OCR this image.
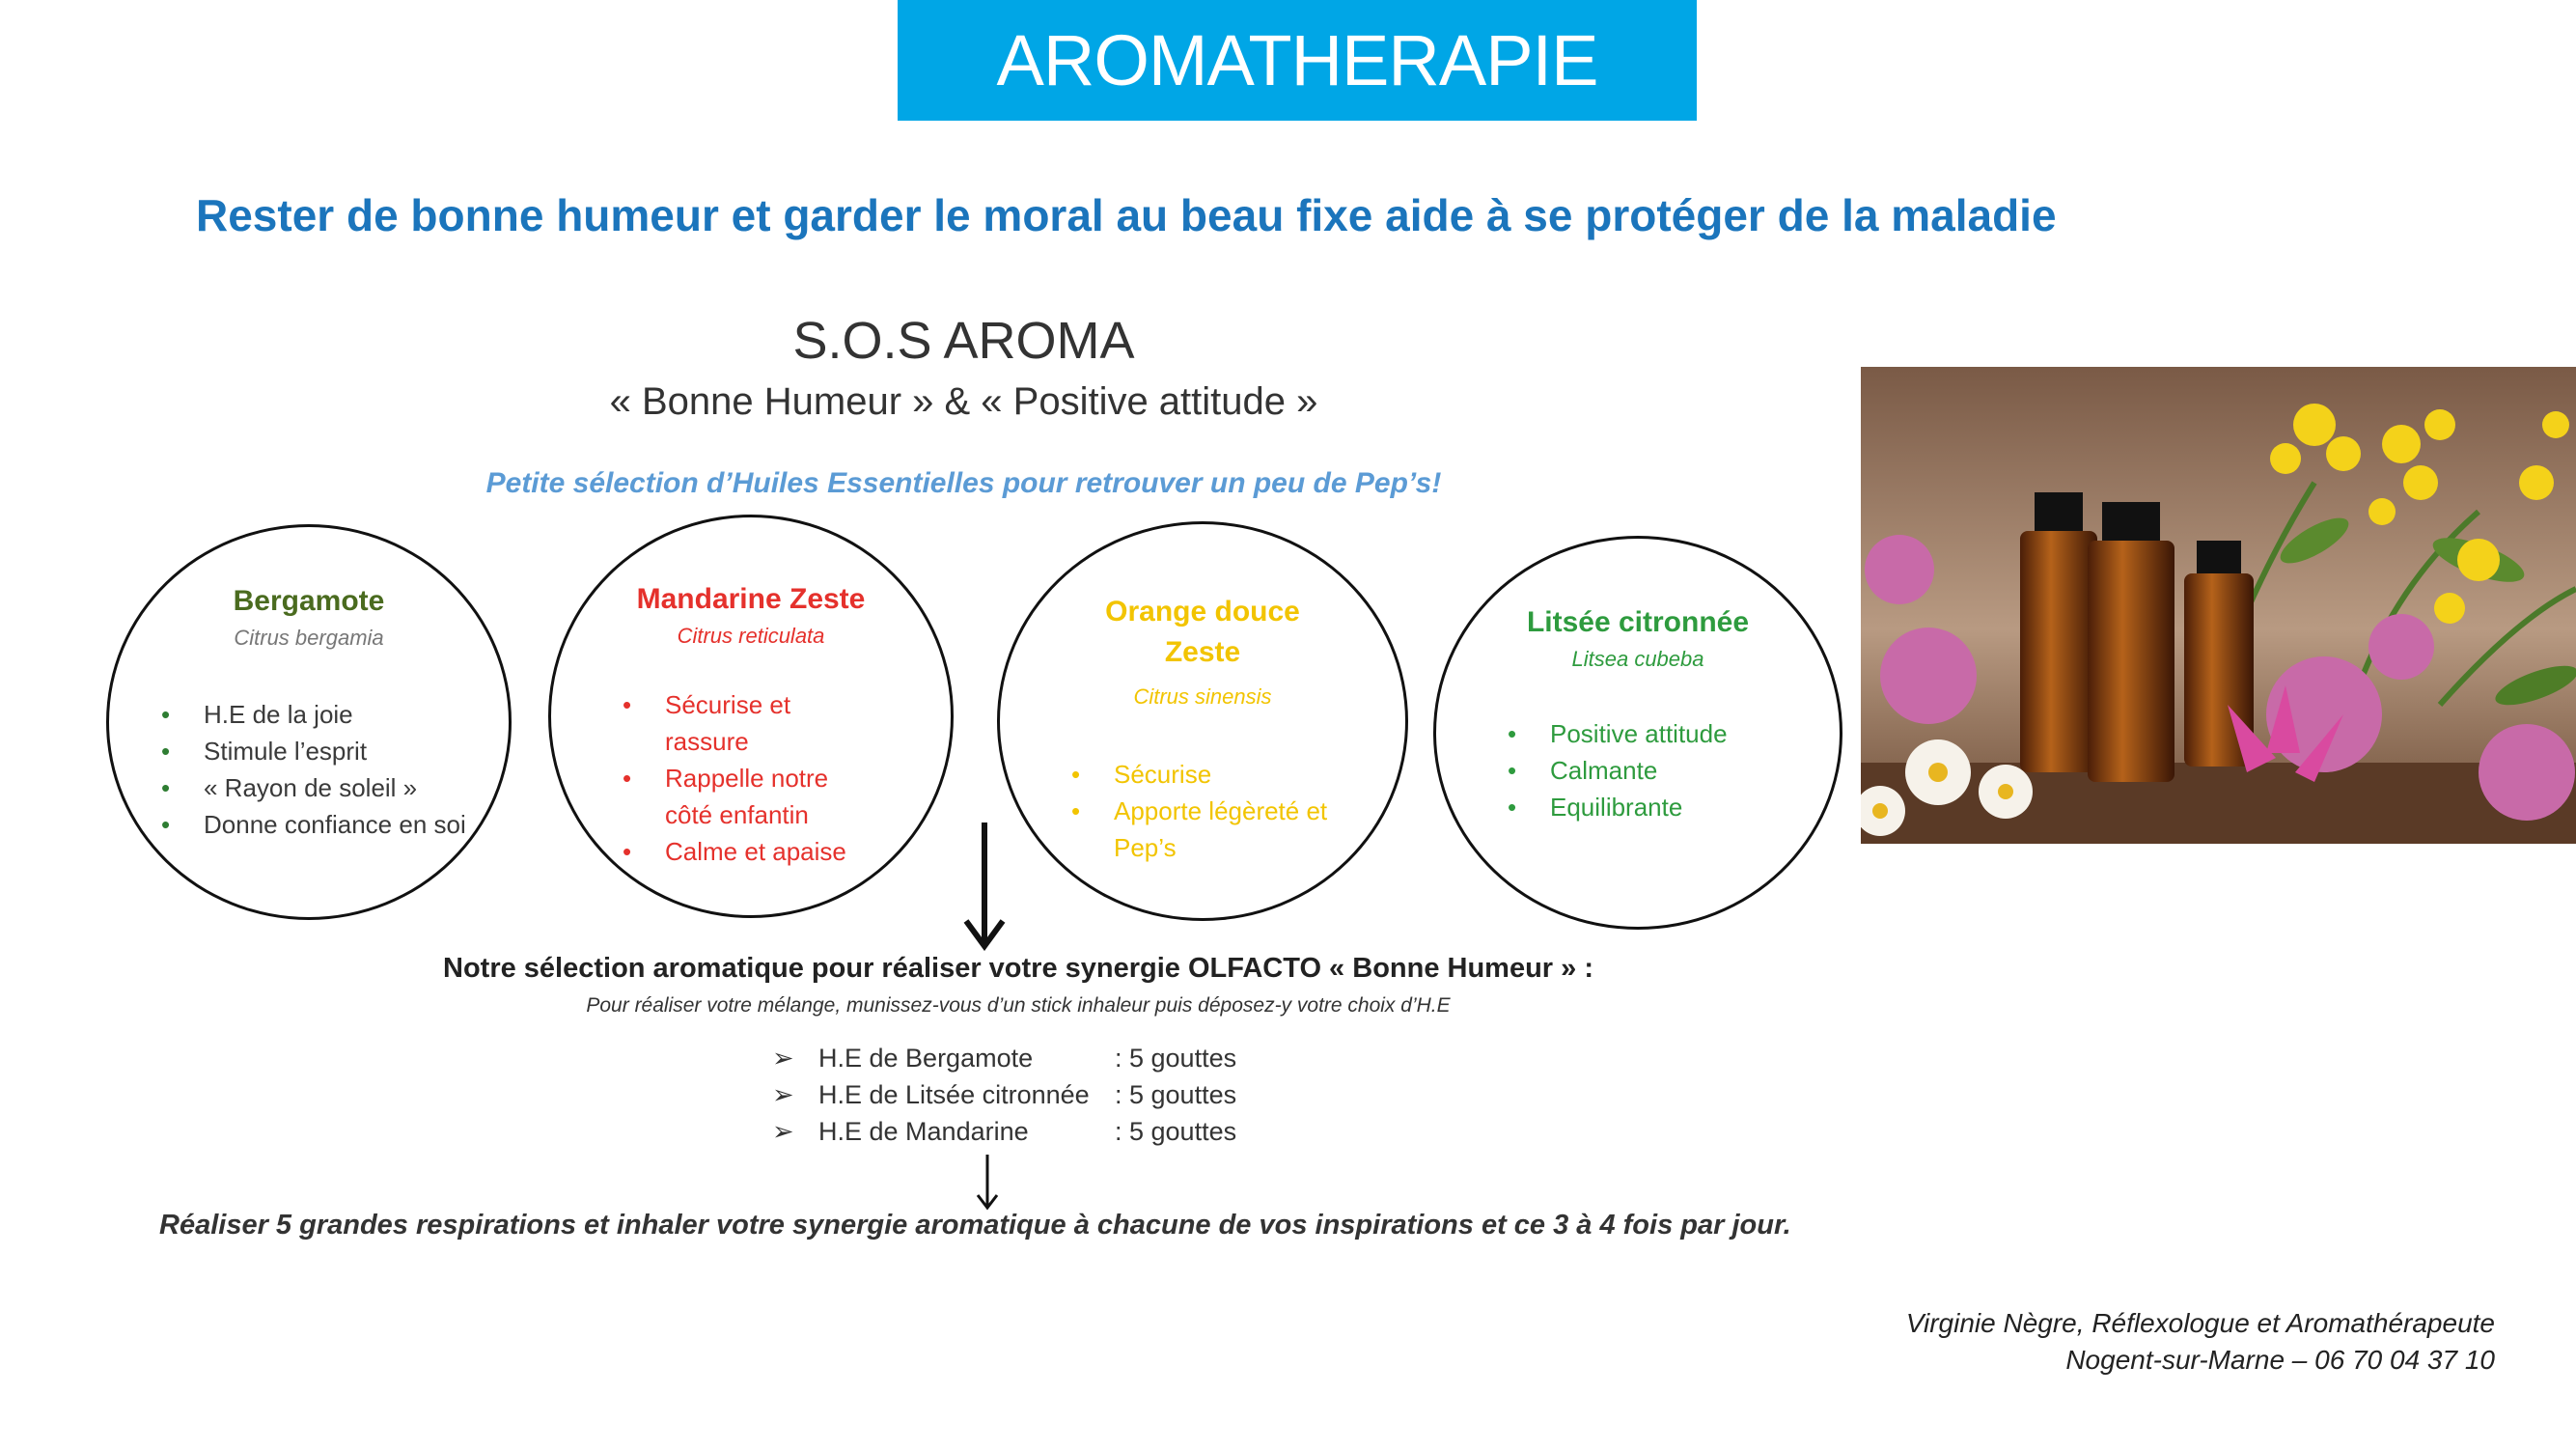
AROMATHERAPIE
Rester de bonne humeur et garder le moral au beau fixe aide à se protéger de la maladie
S.O.S AROMA
« Bonne Humeur » & « Positive attitude »
Petite sélection d’Huiles Essentielles pour retrouver un peu de Pep’s!
Bergamote
Citrus bergamia
• H.E de la joie
• Stimule l’esprit
• « Rayon de soleil »
• Donne confiance en soi
Mandarine Zeste
Citrus reticulata
• Sécurise et rassure
• Rappelle notre côté enfantin
• Calme et apaise
Orange douce
Zeste
Citrus sinensis
• Sécurise
• Apporte légèreté et Pep’s
Litsée citronnée
Litsea cubeba
• Positive attitude
• Calmante
• Equilibrante
Notre sélection aromatique pour réaliser votre synergie OLFACTO « Bonne Humeur » :
Pour réaliser votre mélange, munissez-vous d’un stick inhaleur puis déposez-y votre choix d’H.E
➢ H.E de Bergamote	: 5 gouttes
➢ H.E de Litsée citronnée : 5 gouttes
➢ H.E de Mandarine	: 5 gouttes
Réaliser 5 grandes respirations et inhaler votre synergie aromatique à chacune de vos inspirations et ce 3 à 4 fois par jour.
Virginie Nègre, Réflexologue et Aromathérapeute
Nogent-sur-Marne – 06 70 04 37 10
